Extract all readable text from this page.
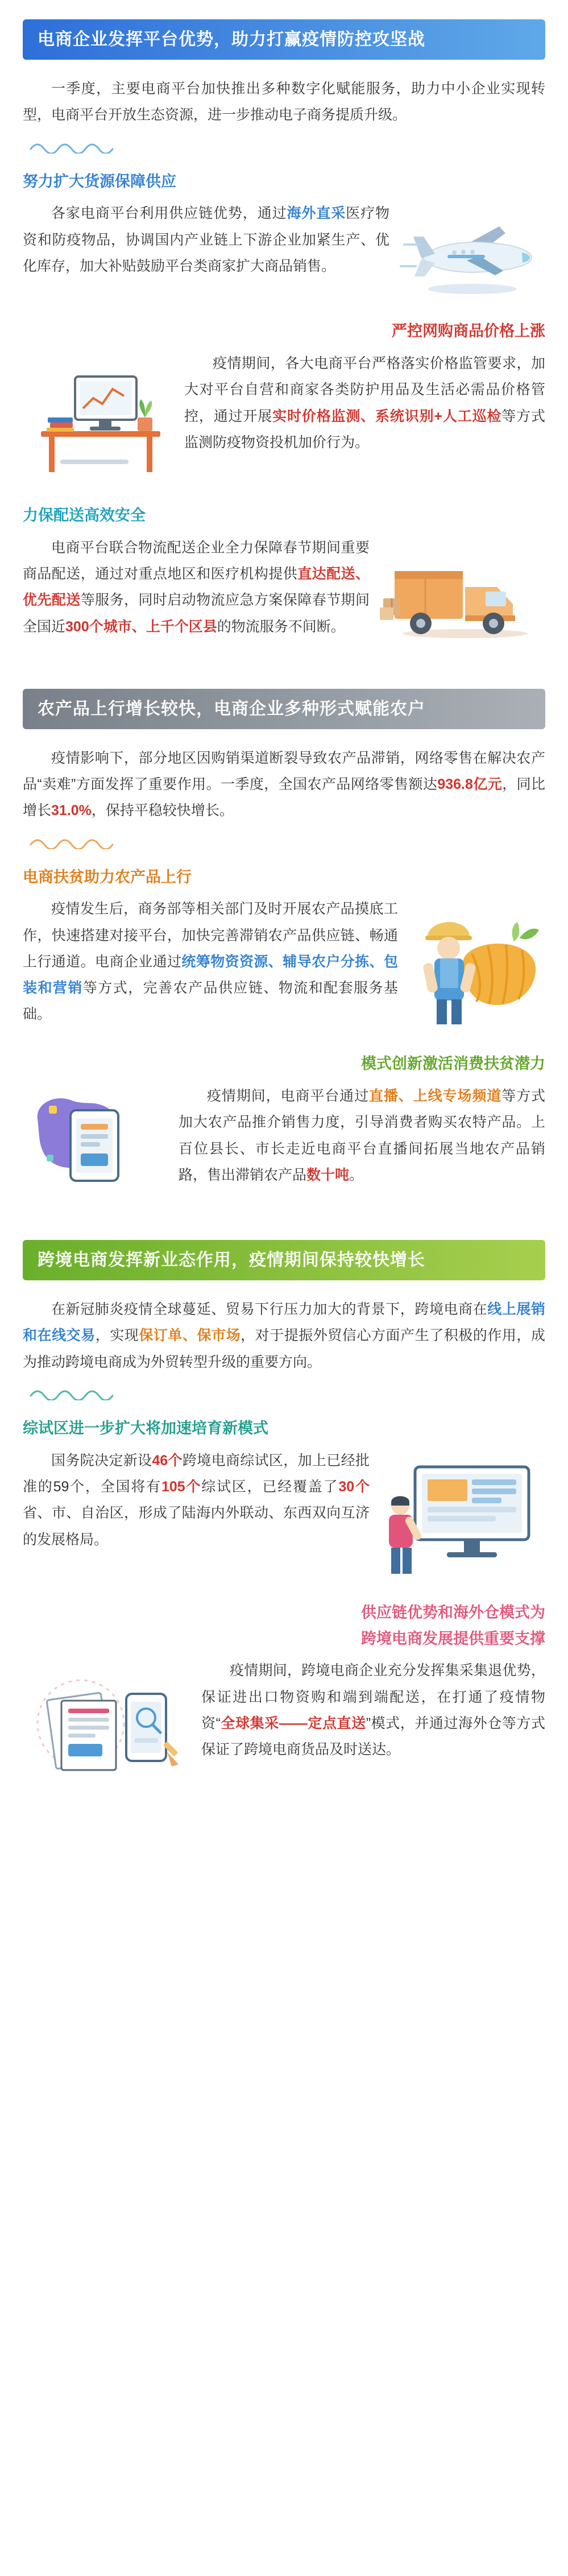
电商企业发挥平台优势，助力打赢疫情防控攻坚战

一季度，主要电商平台加快推出多种数字化赋能服务，助力中小企业实现转型，电商平台开放生态资源，进一步推动电子商务提质升级。

努力扩大货源保障供应

各家电商平台利用供应链优势，通过海外直采医疗物资和防疫物品，协调国内产业链上下游企业加紧生产、优化库存，加大补贴鼓励平台类商家扩大商品销售。

严控网购商品价格上涨

疫情期间，各大电商平台严格落实价格监管要求，加大对平台自营和商家各类防护用品及生活必需品价格管控，通过开展实时价格监测、系统识别+人工巡检等方式监测防疫物资投机加价行为。

力保配送高效安全

电商平台联合物流配送企业全力保障春节期间重要商品配送，通过对重点地区和医疗机构提供直达配送、优先配送等服务，同时启动物流应急方案保障春节期间全国近300个城市、上千个区县的物流服务不间断。

农产品上行增长较快，电商企业多种形式赋能农户

疫情影响下，部分地区因购销渠道断裂导致农产品滞销，网络零售在解决农产品“卖难”方面发挥了重要作用。一季度，全国农产品网络零售额达936.8亿元，同比增长31.0%，保持平稳较快增长。

电商扶贫助力农产品上行

疫情发生后，商务部等相关部门及时开展农产品摸底工作，快速搭建对接平台，加快完善滞销农产品供应链、畅通上行通道。电商企业通过统筹物资资源、辅导农户分拣、包装和营销等方式，完善农产品供应链、物流和配套服务基础。

模式创新激活消费扶贫潜力

疫情期间，电商平台通过直播、上线专场频道等方式加大农产品推介销售力度，引导消费者购买农特产品。上百位县长、市长走近电商平台直播间拓展当地农产品销路，售出滞销农产品数十吨。

跨境电商发挥新业态作用，疫情期间保持较快增长

在新冠肺炎疫情全球蔓延、贸易下行压力加大的背景下，跨境电商在线上展销和在线交易，实现保订单、保市场，对于提振外贸信心方面产生了积极的作用，成为推动跨境电商成为外贸转型升级的重要方向。

综试区进一步扩大将加速培育新模式

国务院决定新设46个跨境电商综试区，加上已经批准的59个，全国将有105个综试区，已经覆盖了30个省、市、自治区，形成了陆海内外联动、东西双向互济的发展格局。

供应链优势和海外仓模式为
跨境电商发展提供重要支撑

疫情期间，跨境电商企业充分发挥集采集退优势，保证进出口物资购和端到端配送，在打通了疫情物资“全球集采——定点直送”模式，并通过海外仓等方式保证了跨境电商货品及时送达。
